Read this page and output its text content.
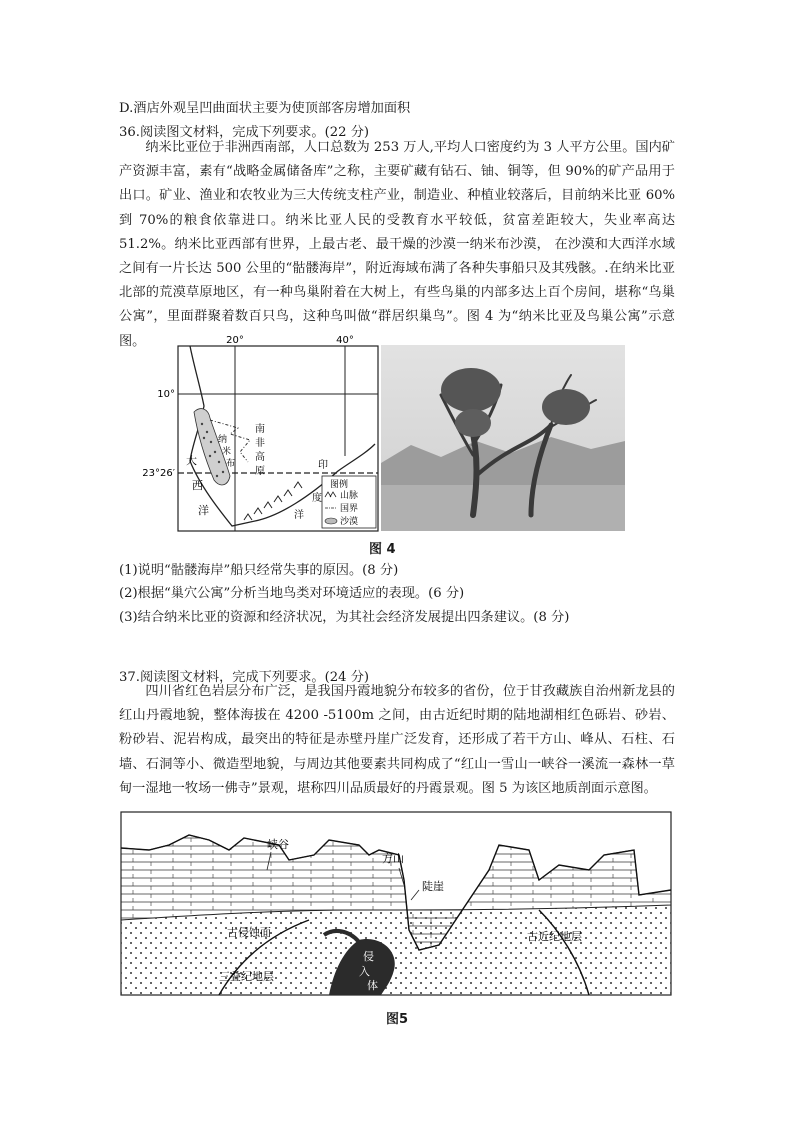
D.酒店外观呈凹曲面状主要为使顶部客房增加面积
36.阅读图文材料，完成下列要求。(22 分)

纳米比亚位于非洲西南部，人口总数为 253 万人,平均人口密度约为 3 人平方公里。国内矿产资源丰富，素有“战略金属储备库”之称，主要矿藏有钻石、铀、铜等，但 90%的矿产品用于出口。矿业、渔业和农牧业为三大传统支柱产业，制造业、种植业较落后，目前纳米比亚 60%到 70%的粮食依靠进口。纳米比亚人民的受教育水平较低，贫富差距较大，失业率高达 51.2%。纳米比亚西部有世界，上最古老、最干燥的沙漠一纳米布沙漠， 在沙漠和大西洋水域之间有一片长达 500 公里的“骷髅海岸”，附近海域布满了各种失事船只及其残骸。.在纳米比亚北部的荒漠草原地区，有一种鸟巢附着在大树上，有些鸟巢的内部多达上百个房间，堪称“鸟巢公寓”，里面群聚着数百只鸟，这种鸟叫做“群居织巢鸟”。图 4 为“纳米比亚及鸟巢公寓”示意图。	20°	40°
10°
23°26′
大
西
洋
纳
米
布
南
非
高
原
印
度
洋
图例
山脉
国界
沙漠
图 4
(1)说明“骷髅海岸”船只经常失事的原因。(8 分)
(2)根据“巢穴公寓”分析当地鸟类对环境适应的表现。(6 分)
(3)结合纳米比亚的资源和经济状况，为其社会经济发展提出四条建议。(8 分)
37.阅读图文材料，完成下列要求。(24 分)

四川省红色岩层分布广泛，是我国丹霞地貌分布较多的省份，位于甘孜藏族自治州新龙县的红山丹霞地貌，整体海拔在 4200 -5100m 之间，由古近纪时期的陆地湖相红色砾岩、砂岩、粉砂岩、泥岩构成，最突出的特征是赤壁丹崖广泛发育，还形成了若干方山、峰从、石柱、石墙、石洞等小、微造型地貌，与周边其他要素共同构成了“红山一雪山一峡谷一溪流一森林一草甸一湿地一牧场一佛寺”景观，堪称四川品质最好的丹霞景观。图 5 为该区地质剖面示意图。

峡谷
方山
陡崖
古侵蚀面	古近纪地层
三叠纪地层
侵
入
体
图5
